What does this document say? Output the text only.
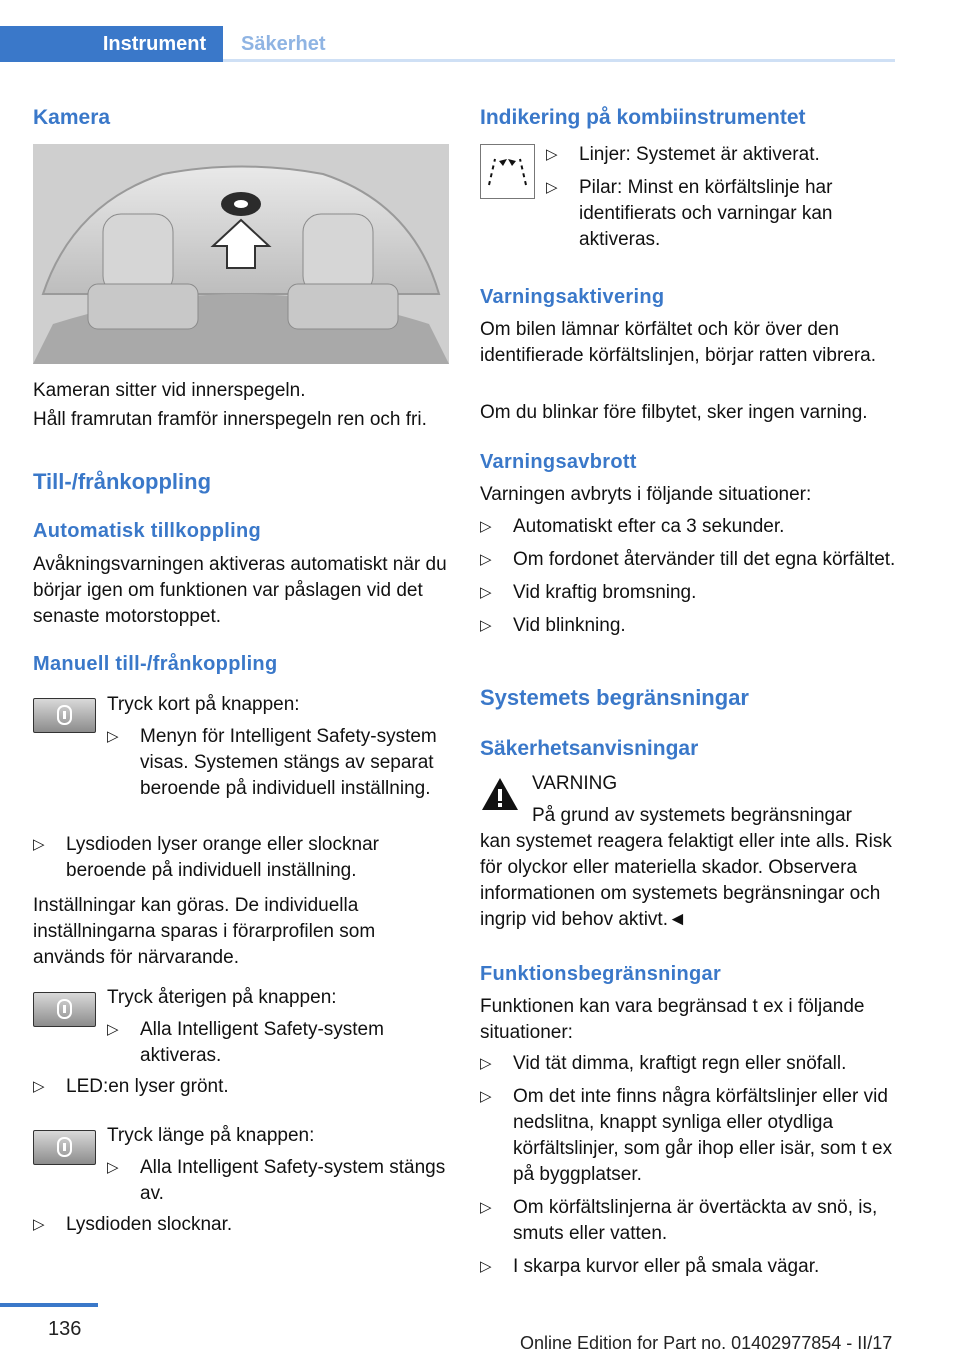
Instrument	Säkerhet
Kamera

Kameran sitter vid innerspegeln.

Håll framrutan framför innerspegeln ren och fri.

Till-/frånkoppling
Automatisk tillkoppling

Avåkningsvarningen aktiveras automatiskt när du börjar igen om funktionen var påslagen vid det senaste motorstoppet.

Manuell till-/frånkoppling

Tryck kort på knappen:

▷ Menyn för Intelligent Safety-system visas. Systemen stängs av separat beroende på individuell inställning.
▷ Lysdioden lyser orange eller slocknar beroende på individuell inställning.

Inställningar kan göras. De individuella inställningarna sparas i förarprofilen som används för närvarande.

Tryck återigen på knappen:

▷ Alla Intelligent Safety-system aktiveras.
▷ LED:en lyser grönt.

Tryck länge på knappen:

▷ Alla Intelligent Safety-system stängs av.
▷ Lysdioden slocknar.
Indikering på kombiinstrumentet
▷ Linjer: Systemet är aktiverat.
▷ Pilar: Minst en körfältslinje har identifierats och varningar kan aktiveras.
Varningsaktivering

Om bilen lämnar körfältet och kör över den identifierade körfältslinjen, börjar ratten vibrera.

Om du blinkar före filbytet, sker ingen varning.

Varningsavbrott

Varningen avbryts i följande situationer:

▷ Automatiskt efter ca 3 sekunder.
▷ Om fordonet återvänder till det egna körfältet.
▷ Vid kraftig bromsning.
▷ Vid blinkning.
Systemets begränsningar
Säkerhetsanvisningar

VARNING

På grund av systemets begränsningar

kan systemet reagera felaktigt eller inte alls. Risk för olyckor eller materiella skador. Observera informationen om systemets begränsningar och ingrip vid behov aktivt.◄

Funktionsbegränsningar

Funktionen kan vara begränsad t ex i följande situationer:

▷ Vid tät dimma, kraftigt regn eller snöfall.
▷ Om det inte finns några körfältslinjer eller vid nedslitna, knappt synliga eller otydliga körfältslinjer, som går ihop eller isär, som t ex på byggplatser.
▷ Om körfältslinjerna är övertäckta av snö, is, smuts eller vatten.
▷ I skarpa kurvor eller på smala vägar.
136
Online Edition for Part no. 01402977854 - II/17
